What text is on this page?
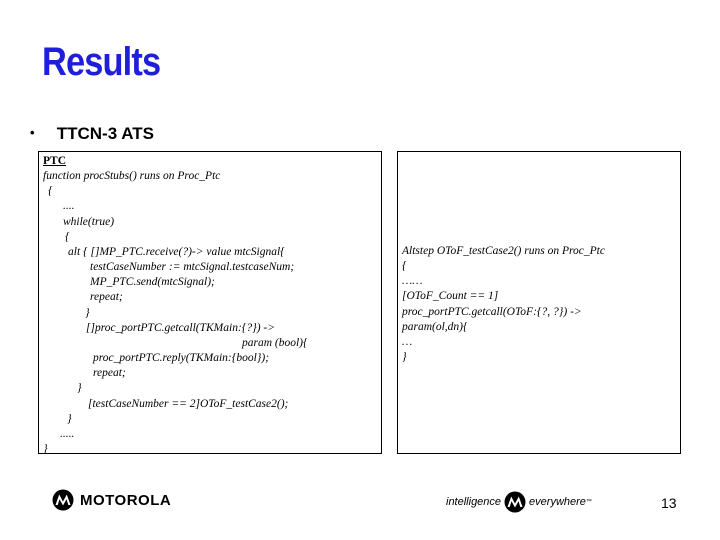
Results
• TTCN-3 ATS

PTC

function procStubs() runs on Proc_Ptc

{

....

while(true)

{

alt { []MP_PTC.receive(?)-> value mtcSignal{

testCaseNumber := mtcSignal.testcaseNum;

MP_PTC.send(mtcSignal);

repeat;

}

[]proc_portPTC.getcall(TKMain:{?}) ->

param (bool){

proc_portPTC.reply(TKMain:{bool});

repeat;

}

[testCaseNumber == 2]OToF_testCase2();

}

.....

}

Altstep OToF_testCase2() runs on Proc_Ptc

{

……

[OToF_Count == 1]

proc_portPTC.getcall(OToF:{?, ?}) ->

param(ol,dn){

…

}

MOTOROLA	intelligence	everywhere ™	13
